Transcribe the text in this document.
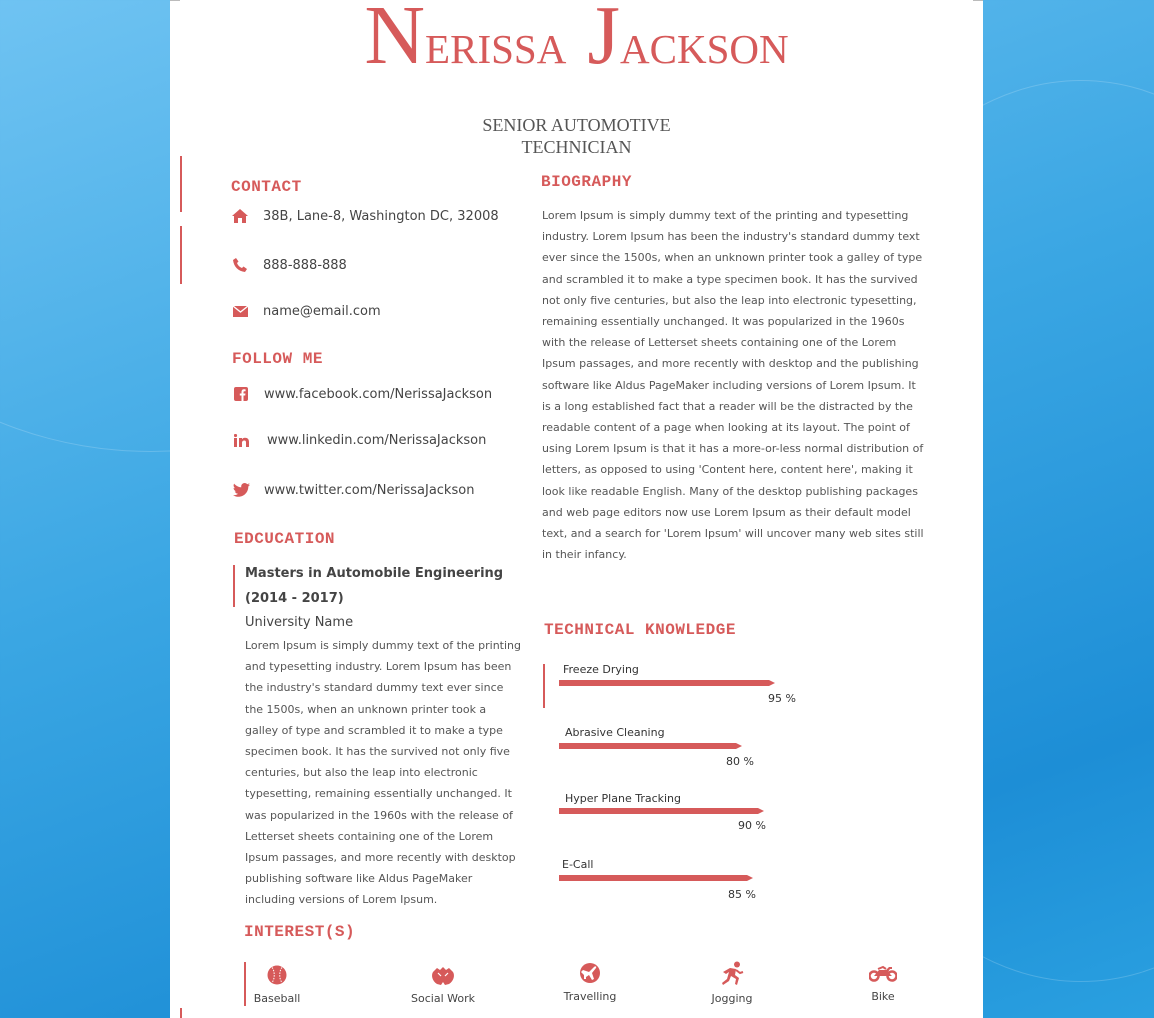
Nerissa Jackson
SENIOR AUTOMOTIVE
TECHNICIAN
CONTACT
38B, Lane-8, Washington DC, 32008
888-888-888
name@email.com
FOLLOW ME
www.facebook.com/NerissaJackson
www.linkedin.com/NerissaJackson
www.twitter.com/NerissaJackson
EDCUCATION
Masters in Automobile Engineering
(2014 - 2017)
University Name
Lorem Ipsum is simply dummy text of the printing
and typesetting industry. Lorem Ipsum has been
the industry's standard dummy text ever since
the 1500s, when an unknown printer took a
galley of type and scrambled it to make a type
specimen book. It has the survived not only five
centuries, but also the leap into electronic
typesetting, remaining essentially unchanged. It
was popularized in the 1960s with the release of
Letterset sheets containing one of the Lorem
Ipsum passages, and more recently with desktop
publishing software like Aldus PageMaker
including versions of Lorem Ipsum.
BIOGRAPHY
Lorem Ipsum is simply dummy text of the printing and typesetting
industry. Lorem Ipsum has been the industry's standard dummy text
ever since the 1500s, when an unknown printer took a galley of type
and scrambled it to make a type specimen book. It has the survived
not only five centuries, but also the leap into electronic typesetting,
remaining essentially unchanged. It was popularized in the 1960s
with the release of Letterset sheets containing one of the Lorem
Ipsum passages, and more recently with desktop and the publishing
software like Aldus PageMaker including versions of Lorem Ipsum. It
is a long established fact that a reader will be the distracted by the
readable content of a page when looking at its layout. The point of
using Lorem Ipsum is that it has a more-or-less normal distribution of
letters, as opposed to using 'Content here, content here', making it
look like readable English. Many of the desktop publishing packages
and web page editors now use Lorem Ipsum as their default model
text, and a search for 'Lorem Ipsum' will uncover many web sites still
in their infancy.
TECHNICAL KNOWLEDGE
Freeze Drying
95 %
Abrasive Cleaning
80 %
Hyper Plane Tracking
90 %
E-Call
85 %
INTEREST(S)
Baseball	Social Work	Travelling	Jogging	Bike
